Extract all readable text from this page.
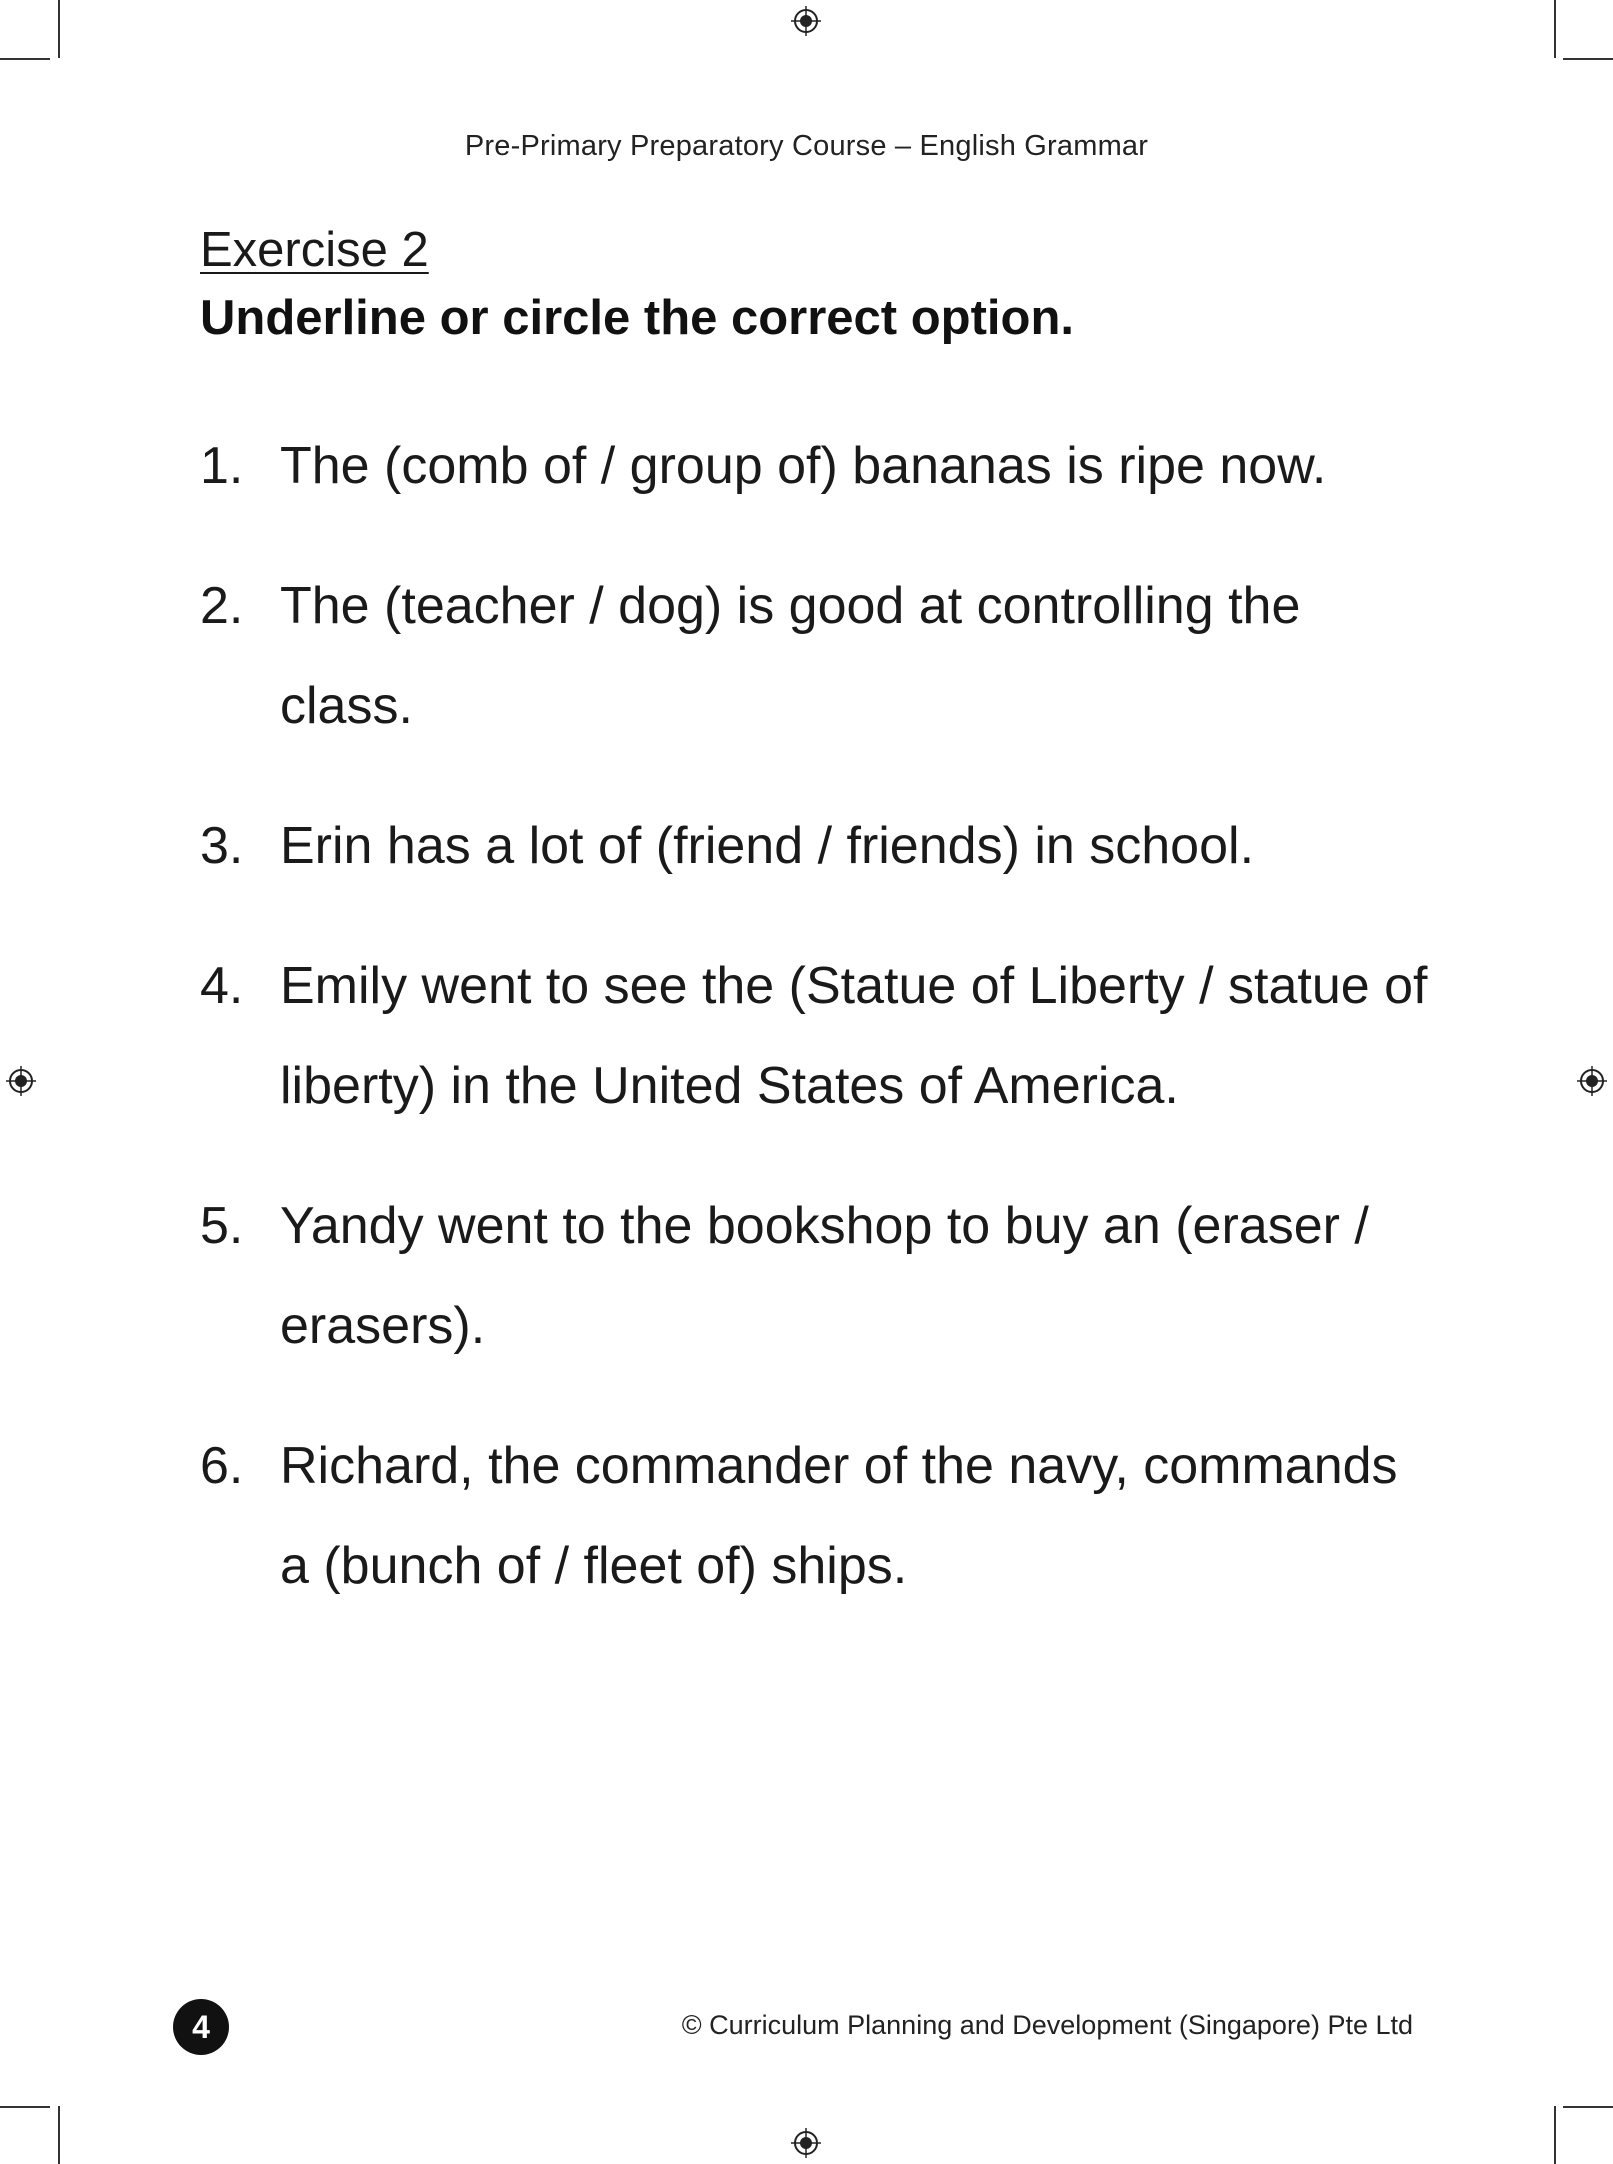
Pre-Primary Preparatory Course – English Grammar
Exercise 2

Underline or circle the correct option.

1. The (comb of / group of) bananas is ripe now.
2. The (teacher / dog) is good at controlling the class.
3. Erin has a lot of (friend / friends) in school.
4. Emily went to see the (Statue of Liberty / statue of liberty) in the United States of America.
5. Yandy went to the bookshop to buy an (eraser / erasers).
6. Richard, the commander of the navy, commands a (bunch of / fleet of) ships.
4	© Curriculum Planning and Development (Singapore) Pte Ltd
